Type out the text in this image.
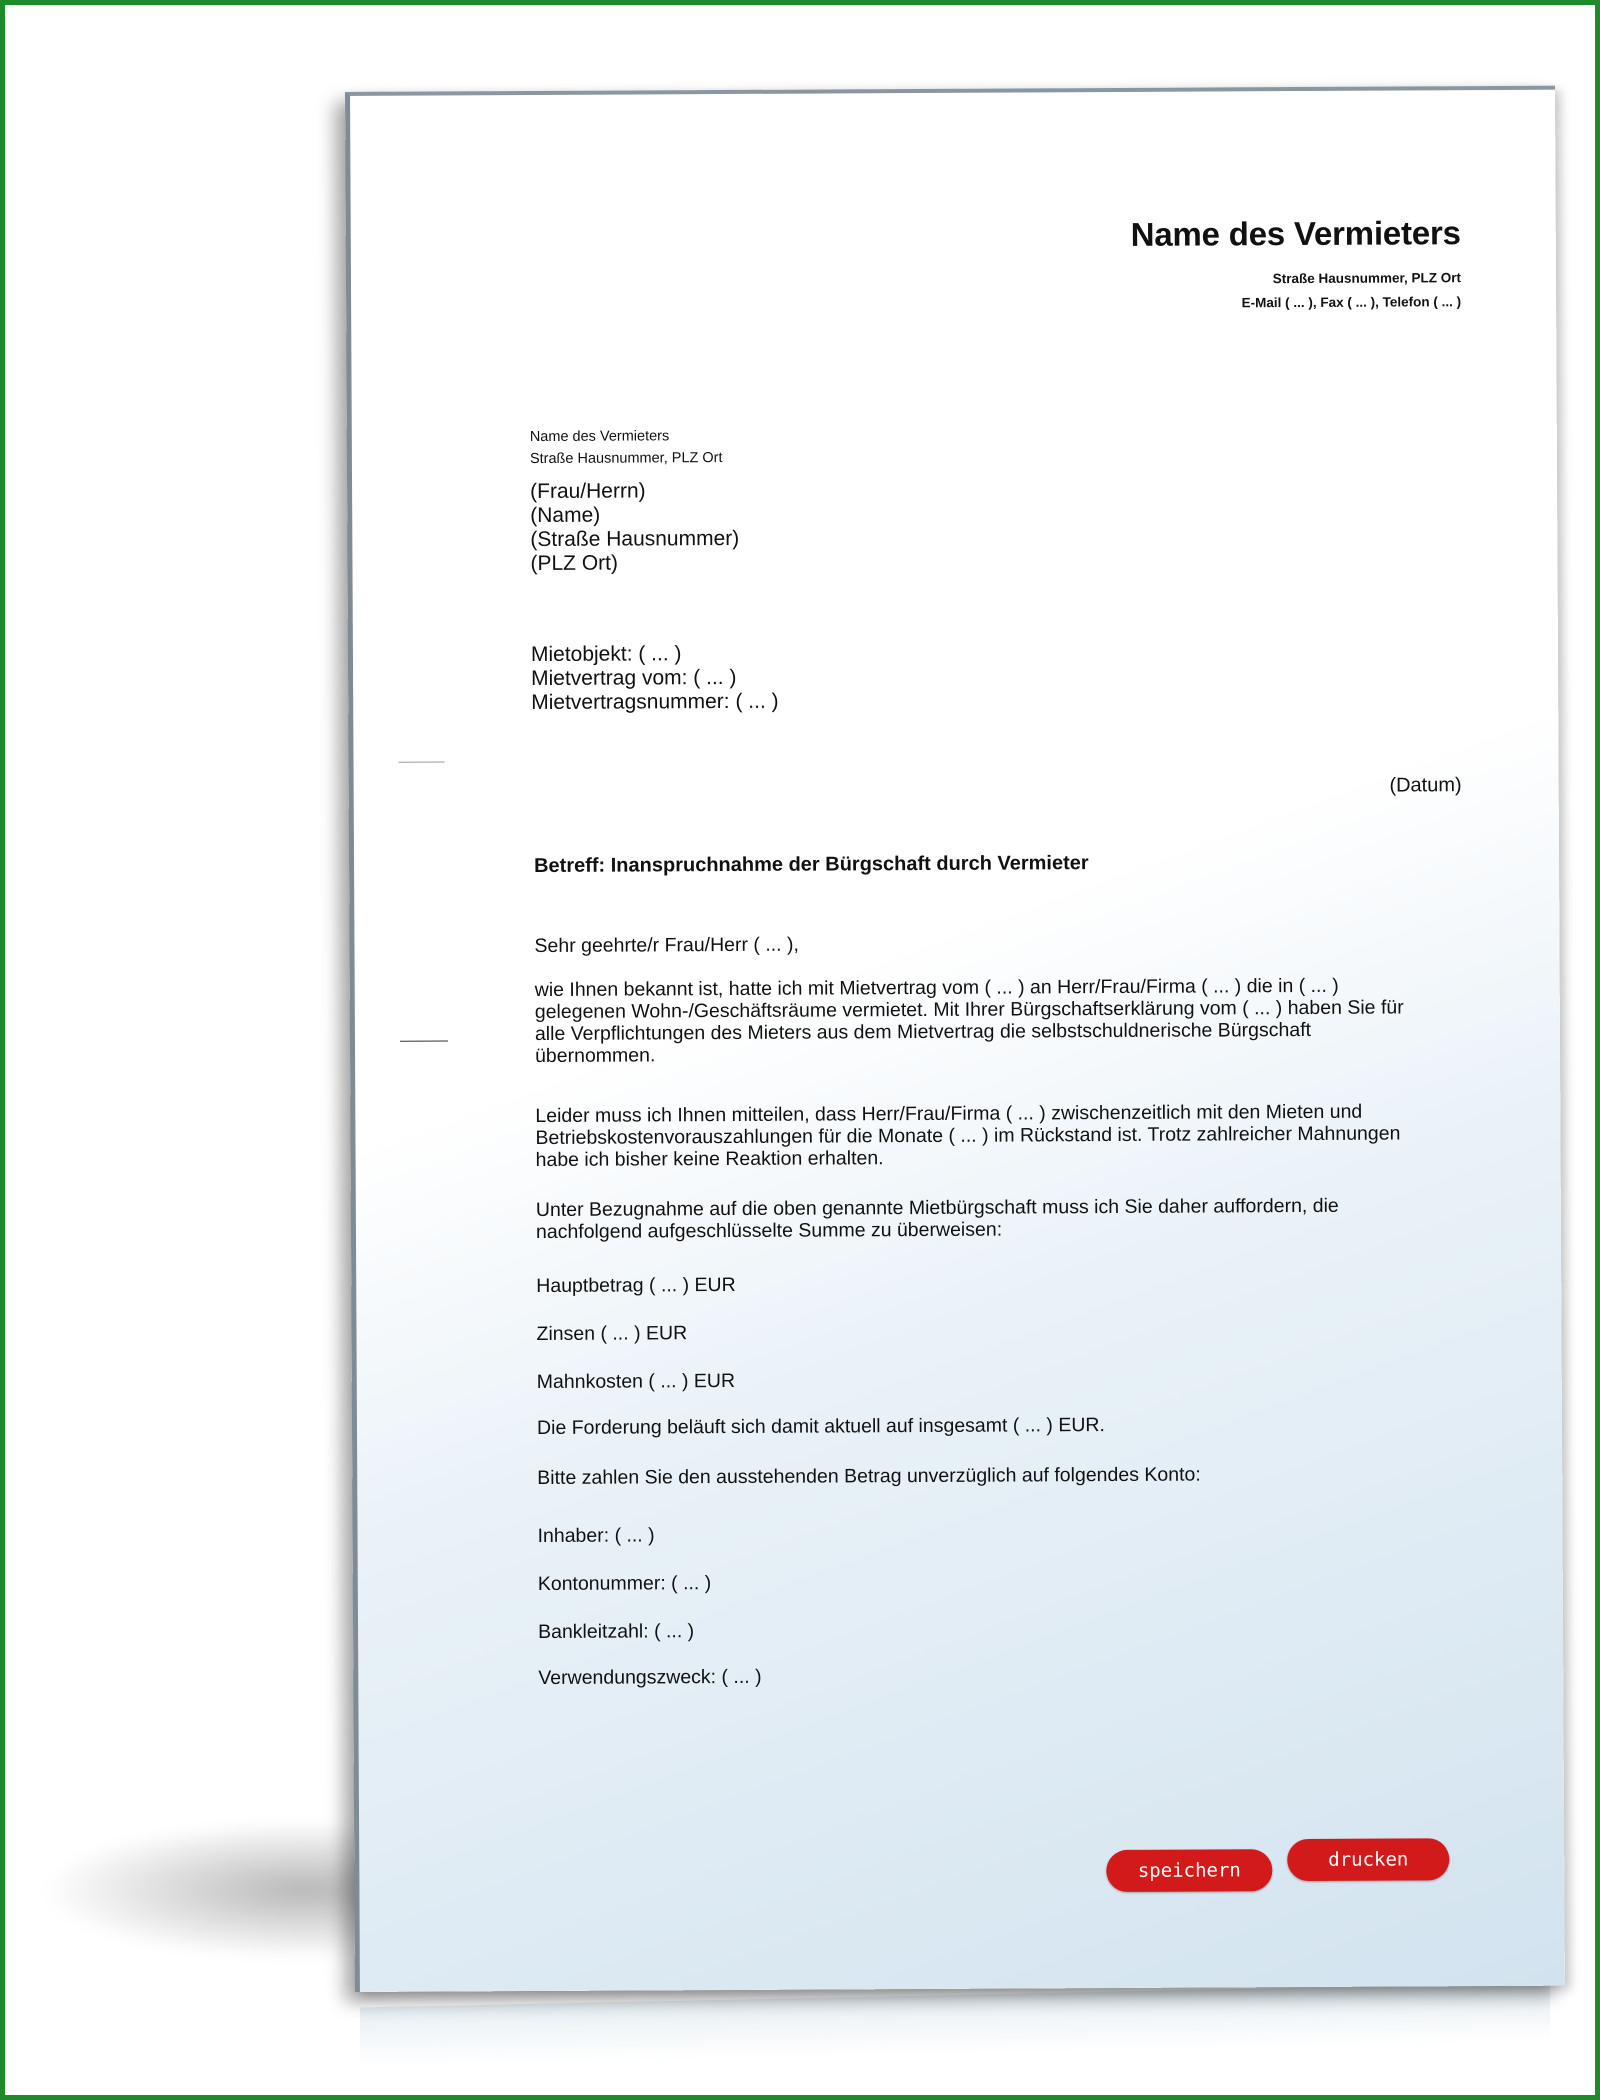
Name des Vermieters
Straße Hausnummer, PLZ Ort
E-Mail ( ... ), Fax ( ... ), Telefon ( ... )
Name des Vermieters
Straße Hausnummer, PLZ Ort
(Frau/Herrn)
(Name)
(Straße Hausnummer)
(PLZ Ort)
Mietobjekt: ( ... )
Mietvertrag vom: ( ... )
Mietvertragsnummer: ( ... )
(Datum)
Betreff: Inanspruchnahme der Bürgschaft durch Vermieter
Sehr geehrte/r Frau/Herr ( ... ),
wie Ihnen bekannt ist, hatte ich mit Mietvertrag vom ( ... ) an Herr/Frau/Firma ( ... ) die in ( ... ) gelegenen Wohn-/Geschäftsräume vermietet. Mit Ihrer Bürgschaftserklärung vom ( ... ) haben Sie für alle Verpflichtungen des Mieters aus dem Mietvertrag die selbstschuldnerische Bürgschaft übernommen.
Leider muss ich Ihnen mitteilen, dass Herr/Frau/Firma ( ... ) zwischenzeitlich mit den Mieten und Betriebskostenvorauszahlungen für die Monate ( ... ) im Rückstand ist. Trotz zahlreicher Mahnungen habe ich bisher keine Reaktion erhalten.
Unter Bezugnahme auf die oben genannte Mietbürgschaft muss ich Sie daher auffordern, die nachfolgend aufgeschlüsselte Summe zu überweisen:
Hauptbetrag ( ... ) EUR
Zinsen ( ... ) EUR
Mahnkosten ( ... ) EUR
Die Forderung beläuft sich damit aktuell auf insgesamt ( ... ) EUR.
Bitte zahlen Sie den ausstehenden Betrag unverzüglich auf folgendes Konto:
Inhaber: ( ... )
Kontonummer: ( ... )
Bankleitzahl: ( ... )
Verwendungszweck: ( ... )
speichern	drucken
